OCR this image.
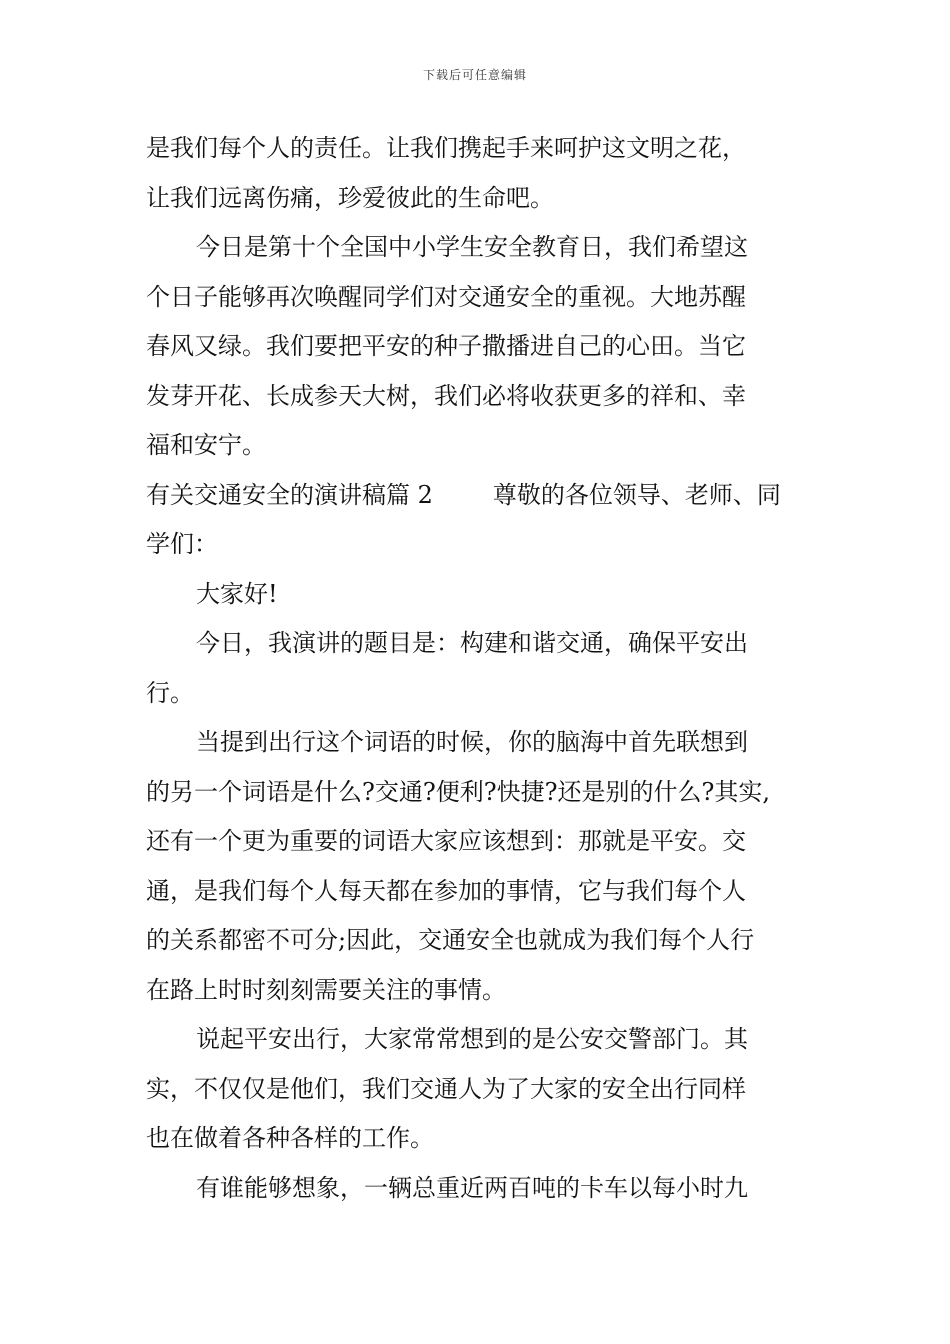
下载后可任意编辑
是我们每个人的责任。让我们携起手来呵护这文明之花，
让我们远离伤痛，珍爱彼此的生命吧。
今日是第十个全国中小学生安全教育日，我们希望这
个日子能够再次唤醒同学们对交通安全的重视。大地苏醒
春风又绿。我们要把平安的种子撒播进自己的心田。当它
发芽开花、长成参天大树，我们必将收获更多的祥和、幸
福和安宁。
有关交通安全的演讲稿篇 2	尊敬的各位领导、老师、同
学们：
大家好!
今日，我演讲的题目是：构建和谐交通，确保平安出
行。
当提到出行这个词语的时候，你的脑海中首先联想到
的另一个词语是什么?交通?便利?快捷?还是别的什么?其实,
还有一个更为重要的词语大家应该想到：那就是平安。交
通，是我们每个人每天都在参加的事情，它与我们每个人
的关系都密不可分;因此，交通安全也就成为我们每个人行
在路上时时刻刻需要关注的事情。
说起平安出行，大家常常想到的是公安交警部门。其
实，不仅仅是他们，我们交通人为了大家的安全出行同样
也在做着各种各样的工作。
有谁能够想象，一辆总重近两百吨的卡车以每小时九
